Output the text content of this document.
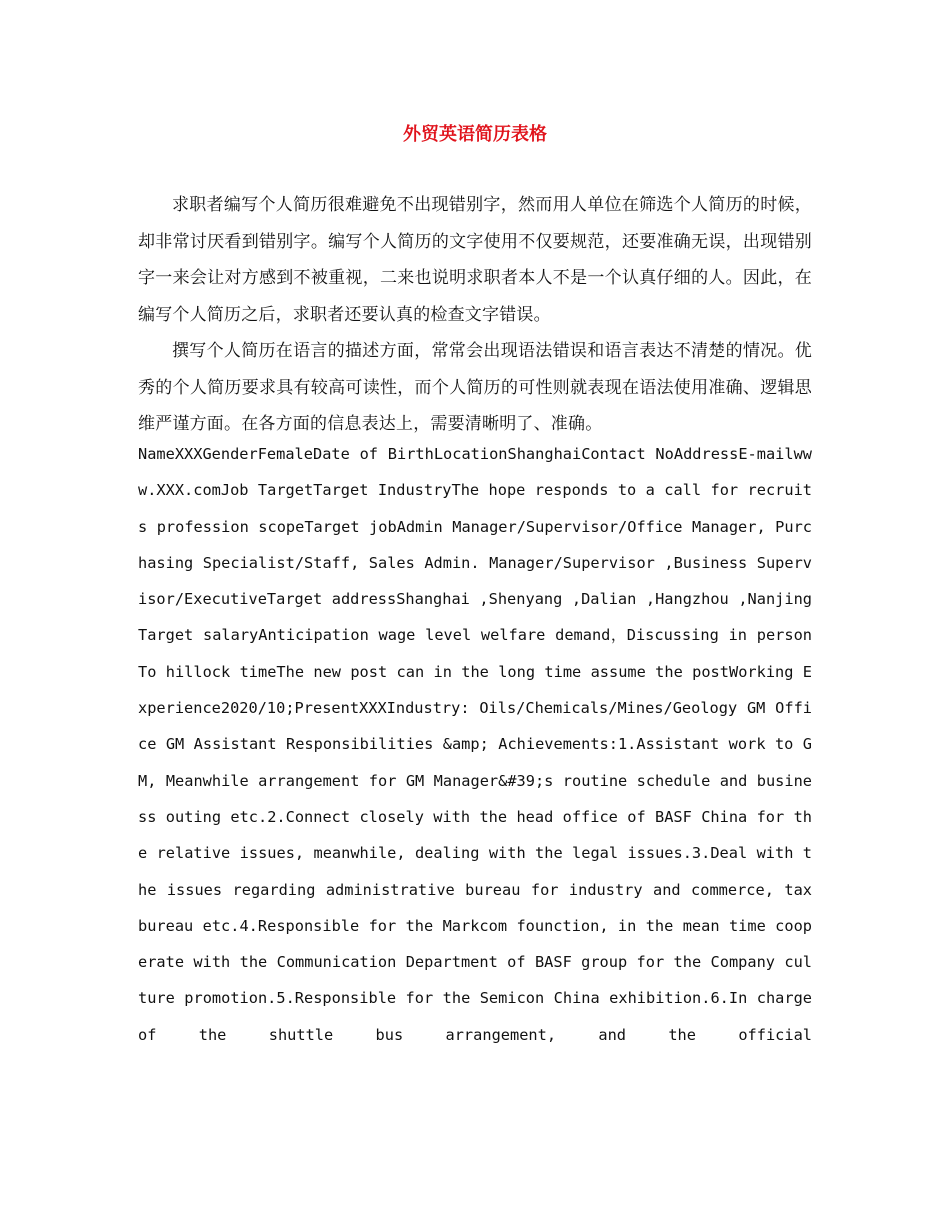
外贸英语简历表格

求职者编写个人简历很难避免不出现错别字，然而用人单位在筛选个人简历的时候，却非常讨厌看到错别字。编写个人简历的文字使用不仅要规范，还要准确无误，出现错别字一来会让对方感到不被重视，二来也说明求职者本人不是一个认真仔细的人。因此，在编写个人简历之后，求职者还要认真的检查文字错误。

撰写个人简历在语言的描述方面，常常会出现语法错误和语言表达不清楚的情况。优秀的个人简历要求具有较高可读性，而个人简历的可性则就表现在语法使用准确、逻辑思维严谨方面。在各方面的信息表达上，需要清晰明了、准确。

NameXXXGenderFemaleDate of BirthLocationShanghaiContact NoAddressE-mailwww.XXX.comJob TargetTarget IndustryThe hope responds to a call for recruits profession scopeTarget jobAdmin Manager/Supervisor/Office Manager, Purchasing Specialist/Staff, Sales Admin. Manager/Supervisor ,Business Supervisor/ExecutiveTarget addressShanghai ,Shenyang ,Dalian ,Hangzhou ,NanjingTarget salaryAnticipation wage level welfare demand，Discussing in personTo hillock timeThe new post can in the long time assume the postWorking Experience2020/10;PresentXXXIndustry: Oils/Chemicals/Mines/Geology GM Office GM Assistant Responsibilities &amp; Achievements:1.Assistant work to GM, Meanwhile arrangement for GM Manager&#39;s routine schedule and business outing etc.2.Connect closely with the head office of BASF China for the relative issues, meanwhile, dealing with the legal issues.3.Deal with the issues regarding administrative bureau for industry and commerce, tax bureau etc.4.Responsible for the Markcom founction, in the mean time cooperate with the Communication Department of BASF group for the Company culture promotion.5.Responsible for the Semicon China exhibition.6.In charge of the shuttle bus arrangement, and the official
